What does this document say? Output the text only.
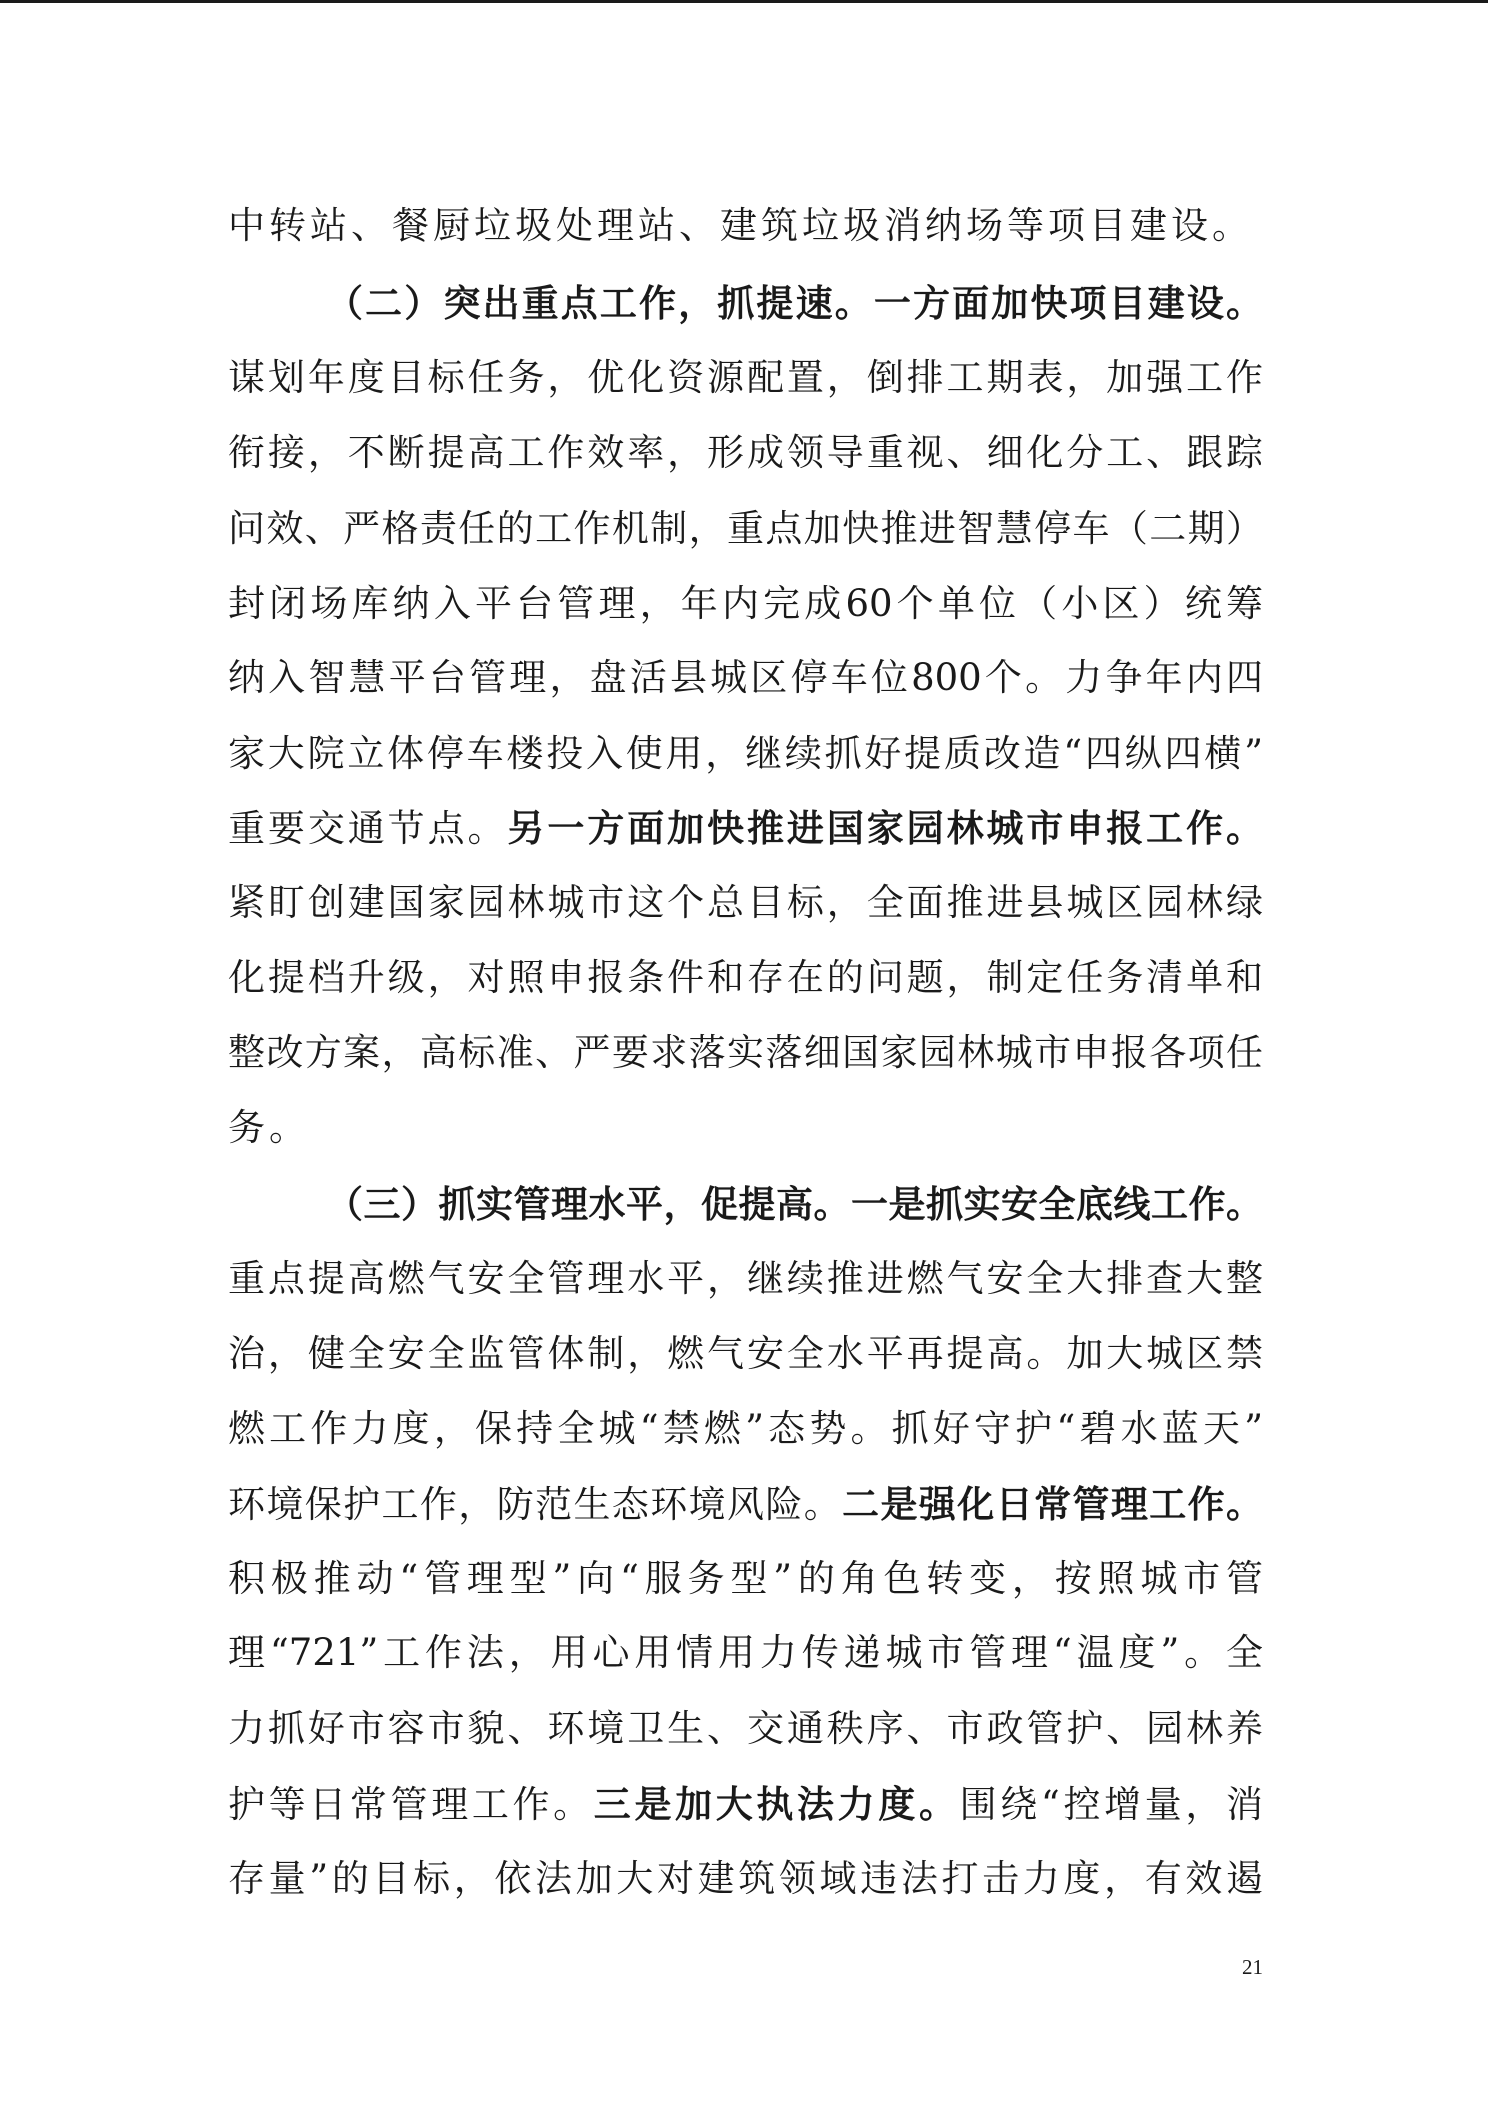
中转站、餐厨垃圾处理站、建筑垃圾消纳场等项目建设。
（二）突出重点工作，抓提速。一方面加快项目建设。
谋划年度目标任务，优化资源配置，倒排工期表，加强工作
衔接，不断提高工作效率，形成领导重视、细化分工、跟踪
问效、严格责任的工作机制，重点加快推进智慧停车（二期）
封闭场库纳入平台管理，年内完成60个单位（小区）统筹
纳入智慧平台管理，盘活县城区停车位800个。力争年内四
家大院立体停车楼投入使用，继续抓好提质改造“四纵四横”
重要交通节点。另一方面加快推进国家园林城市申报工作。
紧盯创建国家园林城市这个总目标，全面推进县城区园林绿
化提档升级，对照申报条件和存在的问题，制定任务清单和
整改方案，高标准、严要求落实落细国家园林城市申报各项任
务。
（三）抓实管理水平，促提高。一是抓实安全底线工作。
重点提高燃气安全管理水平，继续推进燃气安全大排查大整
治，健全安全监管体制，燃气安全水平再提高。加大城区禁
燃工作力度，保持全城“禁燃”态势。抓好守护“碧水蓝天”
环境保护工作，防范生态环境风险。二是强化日常管理工作。
积极推动“管理型”向“服务型”的角色转变，按照城市管
理“721”工作法，用心用情用力传递城市管理“温度”。全
力抓好市容市貌、环境卫生、交通秩序、市政管护、园林养
护等日常管理工作。三是加大执法力度。围绕“控增量，消
存量”的目标，依法加大对建筑领域违法打击力度，有效遏
21
